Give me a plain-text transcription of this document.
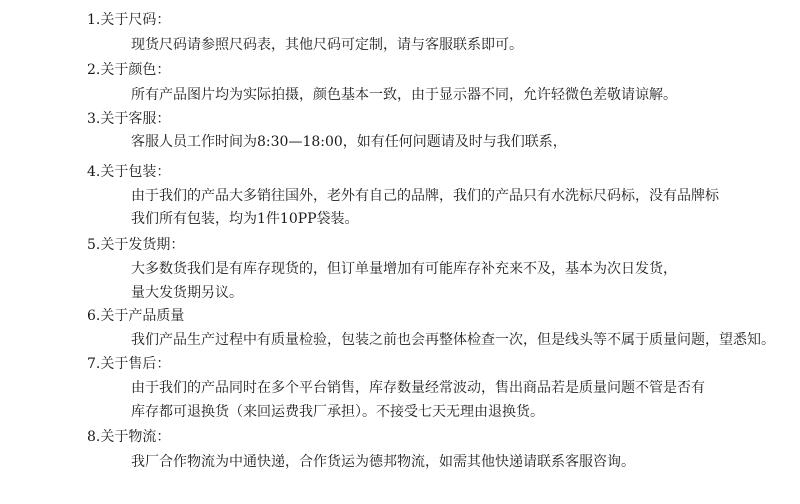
1.关于尺码：
现货尺码请参照尺码表，其他尺码可定制，请与客服联系即可。
2.关于颜色：
所有产品图片均为实际拍摄，颜色基本一致，由于显示器不同，允许轻微色差敬请谅解。
3.关于客服：
客服人员工作时间为8:30—18:00，如有任何问题请及时与我们联系，
4.关于包装：
由于我们的产品大多销往国外，老外有自己的品牌，我们的产品只有水洗标尺码标，没有品牌标
我们所有包装，均为1件10PP袋装。
5.关于发货期：
大多数货我们是有库存现货的，但订单量增加有可能库存补充来不及，基本为次日发货，
量大发货期另议。
6.关于产品质量
我们产品生产过程中有质量检验，包装之前也会再整体检查一次，但是线头等不属于质量问题，望悉知。
7.关于售后：
由于我们的产品同时在多个平台销售，库存数量经常波动，售出商品若是质量问题不管是否有
库存都可退换货（来回运费我厂承担）。不接受七天无理由退换货。
8.关于物流：
我厂合作物流为中通快递，合作货运为德邦物流，如需其他快递请联系客服咨询。
